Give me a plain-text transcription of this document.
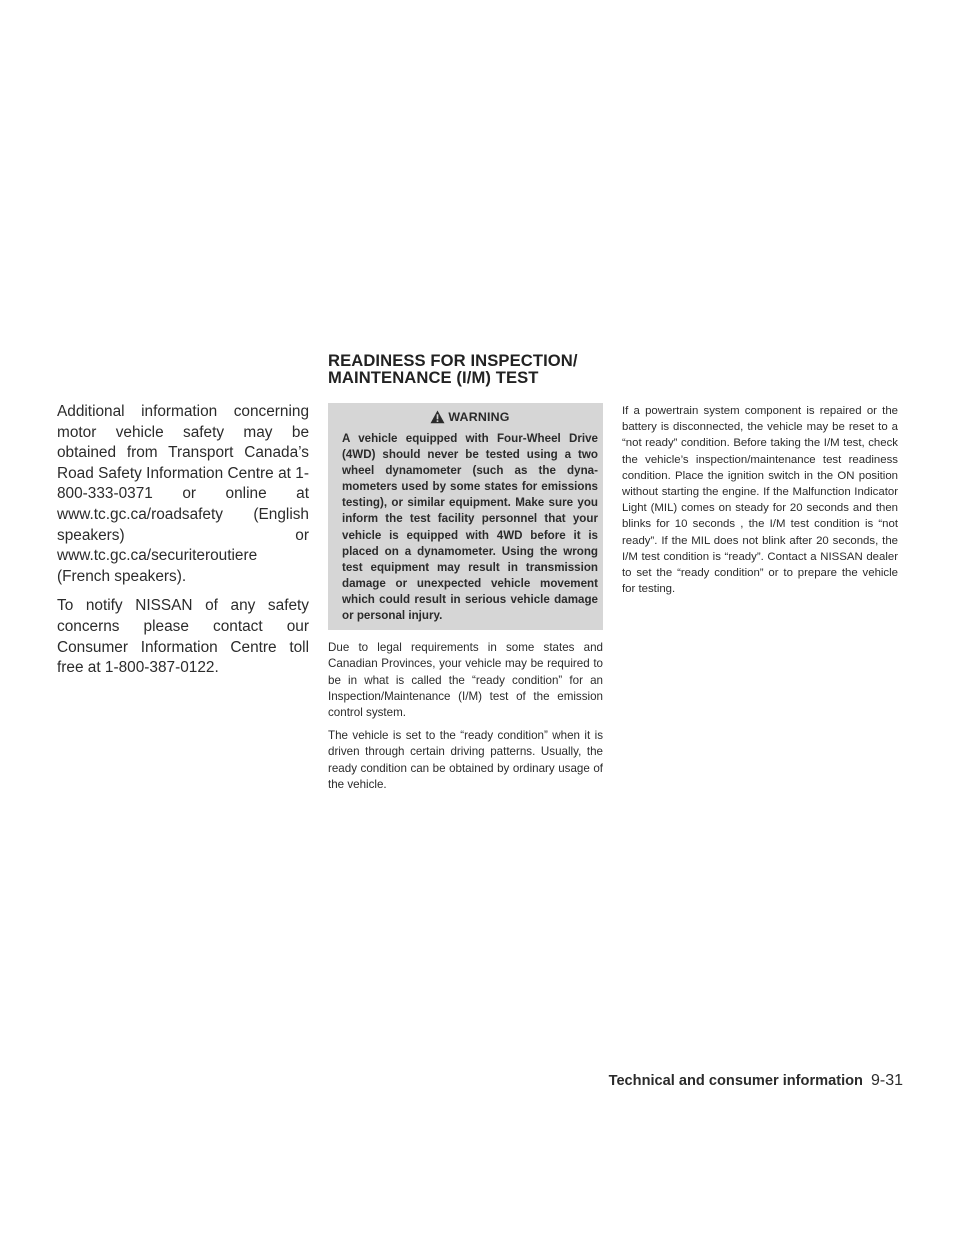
Additional information concerning motor vehicle safety may be obtained from Transport Canada’s Road Safety Information Centre at 1-800-333-0371 or online at www.tc.gc.ca/roadsafety (English speakers) or www.tc.gc.ca/securiteroutiere (French speakers).

To notify NISSAN of any safety concerns please contact our Consumer Information Centre toll free at 1-800-387-0122.

READINESS FOR INSPECTION/
MAINTENANCE (I/M) TEST
WARNING
A vehicle equipped with Four-Wheel Drive (4WD) should never be tested using a two wheel dynamometer (such as the dynamometers used by some states for emissions testing), or similar equipment. Make sure you inform the test facility personnel that your vehicle is equipped with 4WD before it is placed on a dynamometer. Using the wrong test equipment may result in transmission damage or unexpected vehicle movement which could result in serious vehicle damage or personal injury.

Due to legal requirements in some states and Canadian Provinces, your vehicle may be required to be in what is called the “ready condition” for an Inspection/Maintenance (I/M) test of the emission control system.

The vehicle is set to the “ready condition” when it is driven through certain driving patterns. Usually, the ready condition can be obtained by ordinary usage of the vehicle.

If a powertrain system component is repaired or the battery is disconnected, the vehicle may be reset to a “not ready” condition. Before taking the I/M test, check the vehicle’s inspection/maintenance test readiness condition. Place the ignition switch in the ON position without starting the engine. If the Malfunction Indicator Light (MIL) comes on steady for 20 seconds and then blinks for 10 seconds , the I/M test condition is “not ready”. If the MIL does not blink after 20 seconds, the I/M test condition is “ready”. Contact a NISSAN dealer to set the “ready condition” or to prepare the vehicle for testing.

Technical and consumer information 9-31
